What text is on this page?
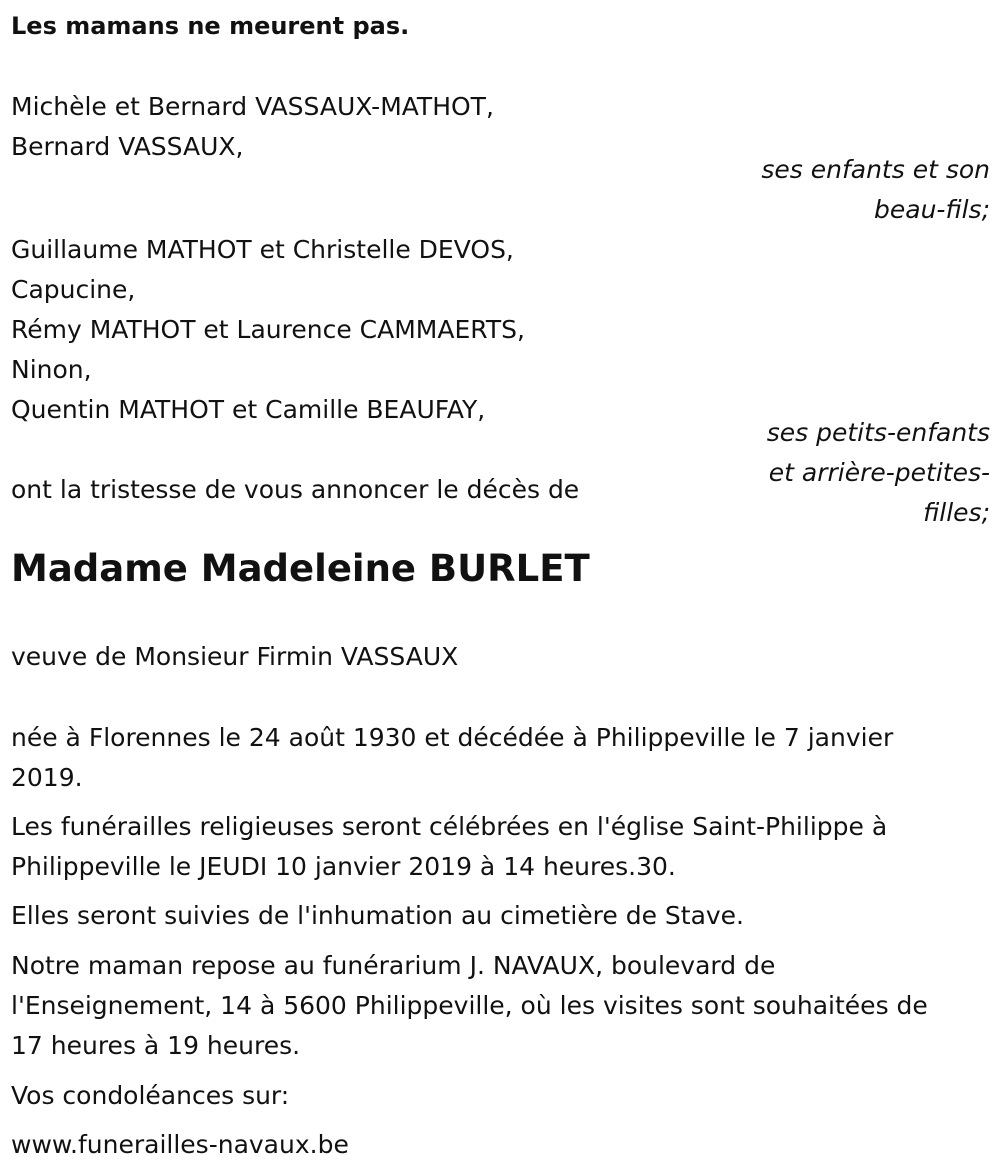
Les mamans ne meurent pas.

Michèle et Bernard VASSAUX-MATHOT,

Bernard VASSAUX,

ses enfants et son

beau-fils;

Guillaume MATHOT et Christelle DEVOS,

Capucine,

Rémy MATHOT et Laurence CAMMAERTS,

Ninon,

Quentin MATHOT et Camille BEAUFAY,

ses petits-enfants

et arrière-petites-

filles;

ont la tristesse de vous annoncer le décès de

Madame Madeleine BURLET

veuve de Monsieur Firmin VASSAUX

née à Florennes le 24 août 1930 et décédée à Philippeville le 7 janvier

2019.

Les funérailles religieuses seront célébrées en l'église Saint-Philippe à

Philippeville le JEUDI 10 janvier 2019 à 14 heures.30.

Elles seront suivies de l'inhumation au cimetière de Stave.

Notre maman repose au funérarium J. NAVAUX, boulevard de

l'Enseignement, 14 à 5600 Philippeville, où les visites sont souhaitées de

17 heures à 19 heures.

Vos condoléances sur:

www.funerailles-navaux.be
